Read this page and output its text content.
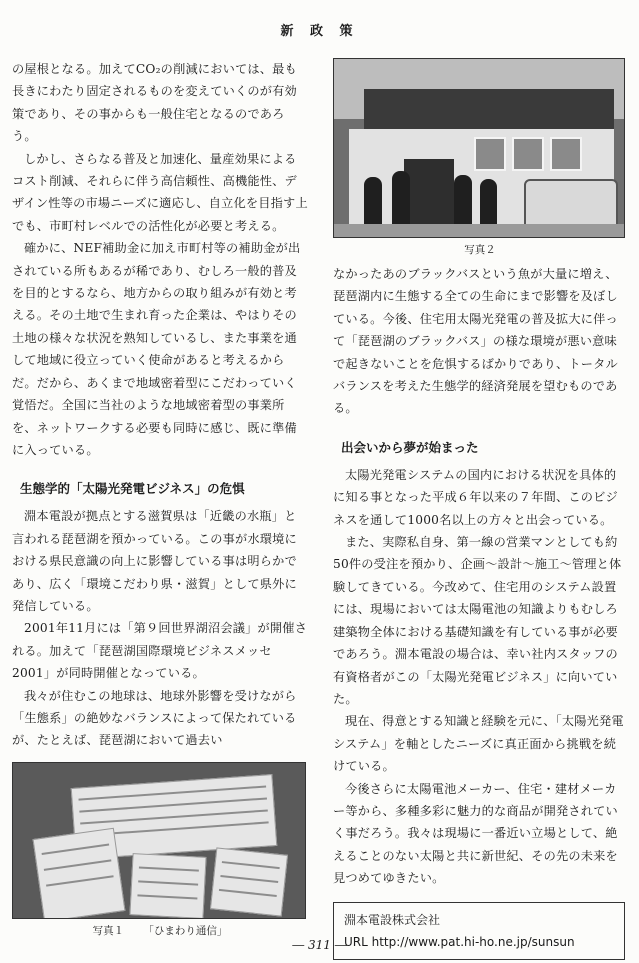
新 政 策

の屋根となる。加えてCO₂の削減においては、最も長きにわたり固定されるものを変えていくのが有効策であり、その事からも一般住宅となるのであろう。

しかし、さらなる普及と加速化、量産効果によるコスト削減、それらに伴う高信頼性、高機能性、デザイン性等の市場ニーズに適応し、自立化を目指す上でも、市町村レベルでの活性化が必要と考える。

確かに、NEF補助金に加え市町村等の補助金が出されている所もあるが稀であり、むしろ一般的普及を目的とするなら、地方からの取り組みが有効と考える。その土地で生まれ育った企業は、やはりその土地の様々な状況を熟知しているし、また事業を通して地域に役立っていく使命があると考えるからだ。だから、あくまで地域密着型にこだわっていく覚悟だ。全国に当社のような地域密着型の事業所を、ネットワークする必要も同時に感じ、既に準備に入っている。

生態学的「太陽光発電ビジネス」の危惧

淵本電設が拠点とする滋賀県は「近畿の水瓶」と言われる琵琶湖を預かっている。この事が水環境における県民意識の向上に影響している事は明らかであり、広く「環境こだわり県・滋賀」として県外に発信している。

2001年11月には「第９回世界湖沼会議」が開催される。加えて「琵琶湖国際環境ビジネスメッセ2001」が同時開催となっている。

我々が住むこの地球は、地球外影響を受けながら「生態系」の絶妙なバランスによって保たれているが、たとえば、琵琶湖において過去い

写真１ 「ひまわり通信」
写真２

なかったあのブラックバスという魚が大量に増え、琵琶湖内に生態する全ての生命にまで影響を及ぼしている。今後、住宅用太陽光発電の普及拡大に伴って「琵琶湖のブラックバス」の様な環境が悪い意味で起きないことを危惧するばかりであり、トータルバランスを考えた生態学的経済発展を望むものである。

出会いから夢が始まった

太陽光発電システムの国内における状況を具体的に知る事となった平成６年以来の７年間、このビジネスを通して1000名以上の方々と出会っている。

また、実際私自身、第一線の営業マンとしても約50件の受注を預かり、企画～設計～施工～管理と体験してきている。今改めて、住宅用のシステム設置には、現場においては太陽電池の知識よりもむしろ建築物全体における基礎知識を有している事が必要であろう。淵本電設の場合は、幸い社内スタッフの有資格者がこの「太陽光発電ビジネス」に向いていた。

現在、得意とする知識と経験を元に、「太陽光発電システム」を軸としたニーズに真正面から挑戦を続けている。

今後さらに太陽電池メーカー、住宅・建材メーカー等から、多種多彩に魅力的な商品が開発されていく事だろう。我々は現場に一番近い立場として、絶えることのない太陽と共に新世紀、その先の未来を見つめてゆきたい。

淵本電設株式会社
URL http://www.pat.hi-ho.ne.jp/sunsun
― 311 ―
